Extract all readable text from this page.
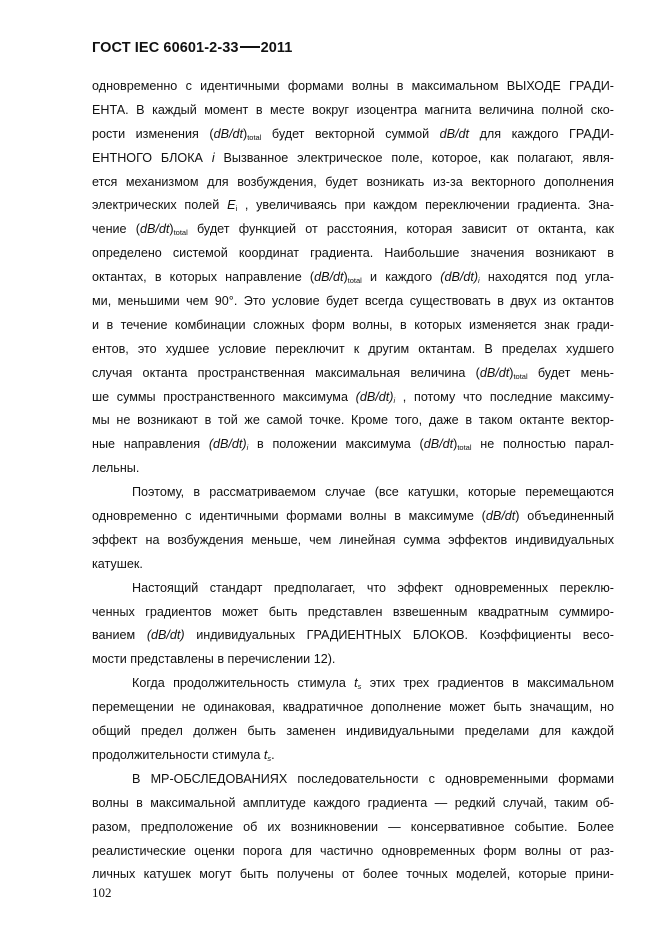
ГОСТ IEC 60601-2-33 2011
одновременно с идентичными формами волны в максимальном ВЫХОДЕ ГРАДИ-
ЕНТА. В каждый момент в месте вокруг изоцентра магнита величина полной ско-
рости изменения $(dB/dt)_{total}$ будет векторной суммой dB/dt для каждого ГРАДИ-
ЕНТНОГО БЛОКА i Вызванное электрическое поле, которое, как полагают, явля-
ется механизмом для возбуждения, будет возникать из-за векторного дополнения
электрических полей $E_i$ , увеличиваясь при каждом переключении градиента. Зна-
чение $(dB/dt)_{total}$ будет функцией от расстояния, которая зависит от октанта, как
определено системой координат градиента. Наибольшие значения возникают в
октантах, в которых направление $(dB/dt)_{total}$ и каждого $(dB/dt)_i$ находятся под угла-
ми, меньшими чем 90°. Это условие будет всегда существовать в двух из октантов
и в течение комбинации сложных форм волны, в которых изменяется знак гради-
ентов, это худшее условие переключит к другим октантам. В пределах худшего
случая октанта пространственная максимальная величина $(dB/dt)_{total}$ будет мень-
ше суммы пространственного максимума $(dB/dt)_i$ , потому что последние максиму-
мы не возникают в той же самой точке. Кроме того, даже в таком октанте вектор-
ные направления $(dB/dt)_i$ в положении максимума $(dB/dt)_{total}$ не полностью парал-
лельны.
Поэтому, в рассматриваемом случае (все катушки, которые перемещаются
одновременно с идентичными формами волны в максимуме (dB/dt) объединенный
эффект на возбуждения меньше, чем линейная сумма эффектов индивидуальных
катушек.
Настоящий стандарт предполагает, что эффект одновременных переклю-
ченных градиентов может быть представлен взвешенным квадратным суммиро-
ванием (dB/dt) индивидуальных ГРАДИЕНТНЫХ БЛОКОВ. Коэффициенты весо-
мости представлены в перечислении 12).
Когда продолжительность стимула $t_s$ этих трех градиентов в максимальном
перемещении не одинаковая, квадратичное дополнение может быть значащим, но
общий предел должен быть заменен индивидуальными пределами для каждой
продолжительности стимула $t_s$.
В МР-ОБСЛЕДОВАНИЯХ последовательности с одновременными формами
волны в максимальной амплитуде каждого градиента — редкий случай, таким об-
разом, предположение об их возникновении — консервативное событие. Более
реалистические оценки порога для частично одновременных форм волны от раз-
личных катушек могут быть получены от более точных моделей, которые прини-
102
